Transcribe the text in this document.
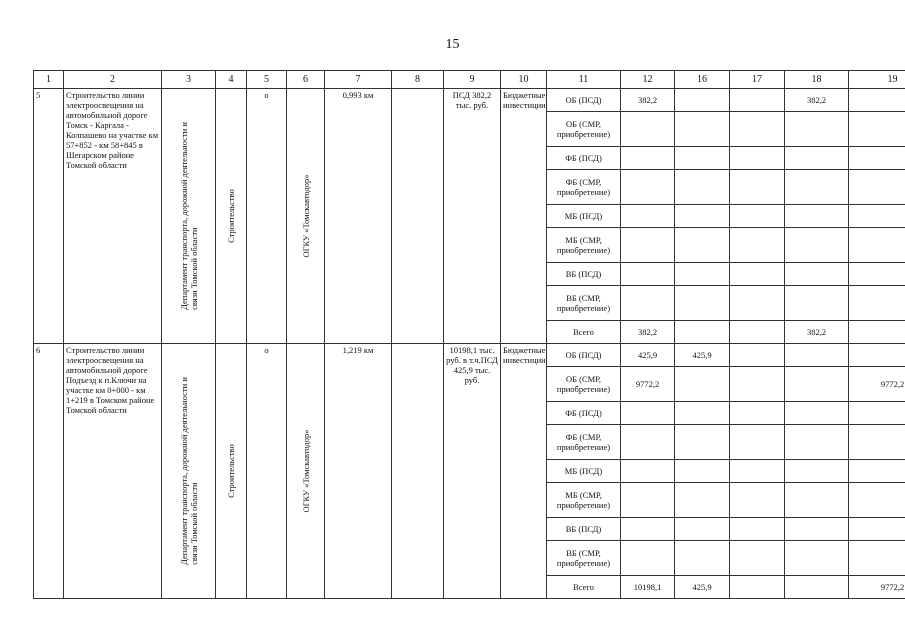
15
1	2	3	4	5	6	7	8	9	10	11	12	16	17	18	19
5	Строительство линии электроосвещения на автомобильной дороге Томск - Каргала - Колпашево на участке км 57+852 - км 58+845 в Шегарском районе Томской области	Департамент транспорта, дорожной деятельности и связи Томской области	Строительство	о	ОГКУ «Томскавтодор»	0,993 км		ПСД 382,2 тыс. руб.	Бюджетные инвестиции	ОБ (ПСД)	382,2			382,2	
										ОБ (СМР, приобретение)					
										ФБ (ПСД)					
										ФБ (СМР, приобретение)					
										МБ (ПСД)					
										МБ (СМР, приобретение)					
										ВБ (ПСД)					
										ВБ (СМР, приобретение)					
										Всего	382,2			382,2	
6	Строительство линии электроосвещения на автомобильной дороге Подъезд к п.Ключи на участке км 0+000 - км 1+219 в Томском районе Томской области	Департамент транспорта, дорожной деятельности и связи Томской области	Строительство	о	ОГКУ «Томскавтодор»	1,219 км		10198,1 тыс. руб. в т.ч.ПСД 425,9 тыс. руб.	Бюджетные инвестиции	ОБ (ПСД)	425,9	425,9			
										ОБ (СМР, приобретение)	9772,2				9772,2
										ФБ (ПСД)					
										ФБ (СМР, приобретение)					
										МБ (ПСД)					
										МБ (СМР, приобретение)					
										ВБ (ПСД)					
										ВБ (СМР, приобретение)					
										Всего	10198,1	425,9			9772,2
